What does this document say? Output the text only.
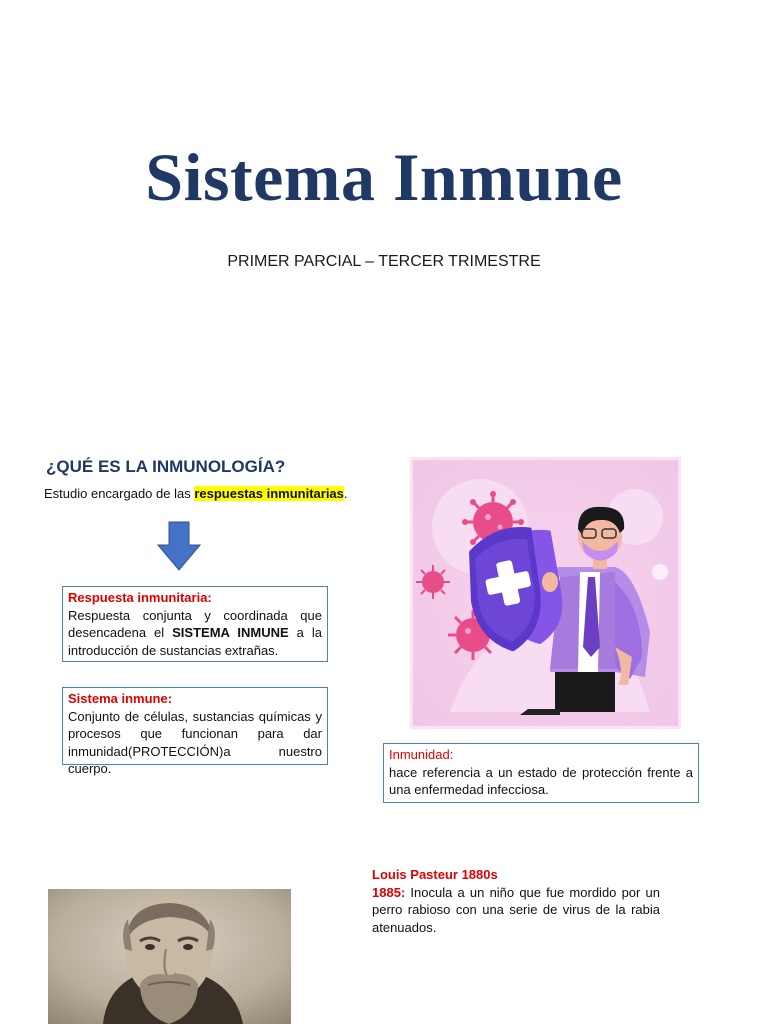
Sistema Inmune
PRIMER PARCIAL – TERCER TRIMESTRE
¿QUÉ ES LA INMUNOLOGÍA?
Estudio encargado de las respuestas inmunitarias.
Respuesta inmunitaria:
Respuesta conjunta y coordinada que desencadena el SISTEMA INMUNE a la introducción de sustancias extrañas.
Sistema inmune:
Conjunto de células, sustancias químicas y procesos que funcionan para dar inmunidad(PROTECCIÓN)a nuestro cuerpo.
Inmunidad:
hace referencia a un estado de protección frente a una enfermedad infecciosa.
Louis Pasteur 1880s
1885: Inocula a un niño que fue mordido por un perro rabioso con una serie de virus de la rabia atenuados.
